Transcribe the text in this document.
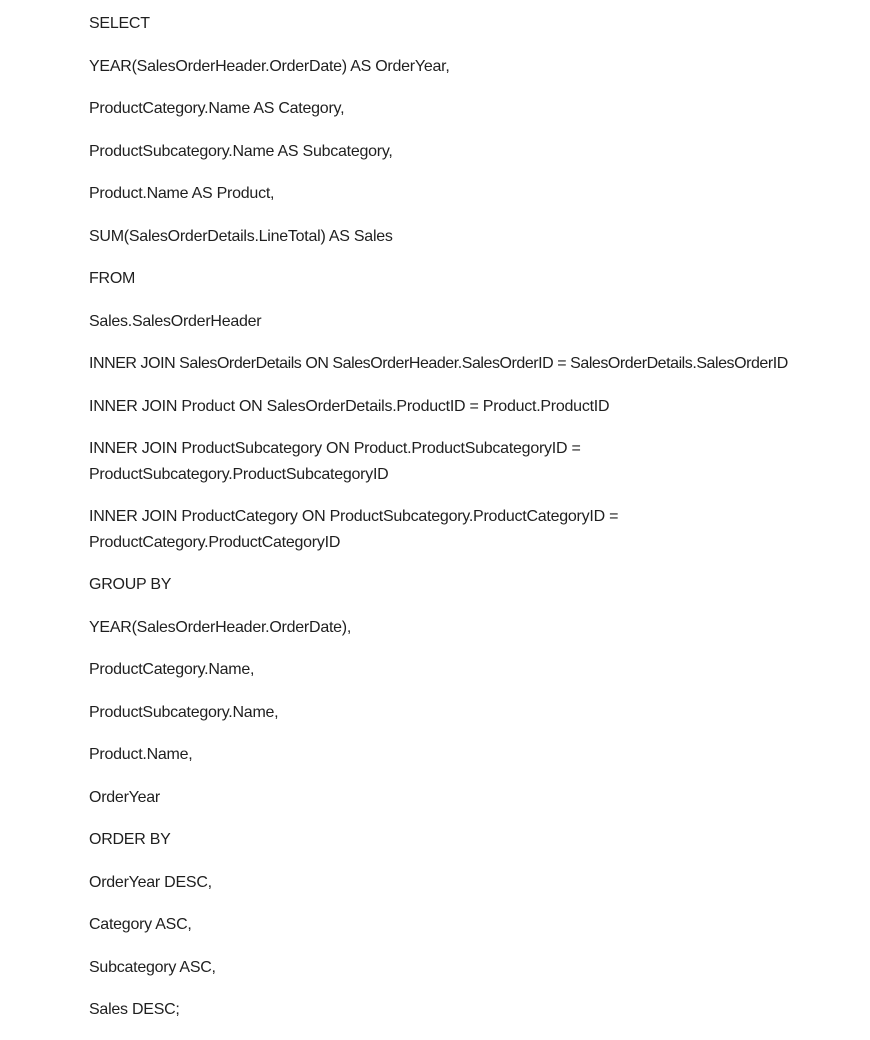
SELECT

YEAR(SalesOrderHeader.OrderDate) AS OrderYear,

ProductCategory.Name AS Category,

ProductSubcategory.Name AS Subcategory,

Product.Name AS Product,

SUM(SalesOrderDetails.LineTotal) AS Sales

FROM

Sales.SalesOrderHeader

INNER JOIN SalesOrderDetails ON SalesOrderHeader.SalesOrderID = SalesOrderDetails.SalesOrderID

INNER JOIN Product ON SalesOrderDetails.ProductID = Product.ProductID

INNER JOIN ProductSubcategory ON Product.ProductSubcategoryID =
ProductSubcategory.ProductSubcategoryID
INNER JOIN ProductCategory ON ProductSubcategory.ProductCategoryID =
ProductCategory.ProductCategoryID

GROUP BY

YEAR(SalesOrderHeader.OrderDate),

ProductCategory.Name,

ProductSubcategory.Name,

Product.Name,

OrderYear

ORDER BY

OrderYear DESC,

Category ASC,

Subcategory ASC,

Sales DESC;
